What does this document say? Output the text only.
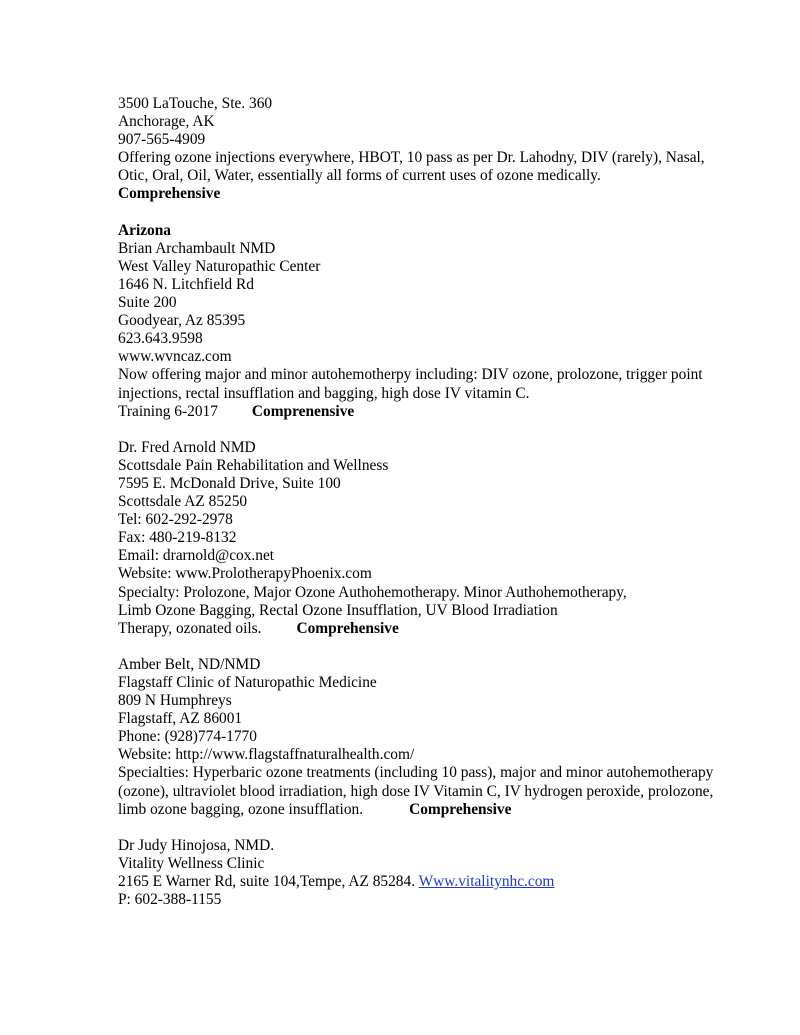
3500 LaTouche, Ste. 360
Anchorage, AK
907-565-4909
Offering ozone injections everywhere, HBOT, 10 pass as per Dr. Lahodny, DIV (rarely), Nasal,
Otic, Oral, Oil, Water, essentially all forms of current uses of ozone medically.
Comprehensive
Arizona
Brian Archambault NMD
West Valley Naturopathic Center
1646 N. Litchfield Rd
Suite 200
Goodyear, Az 85395
623.643.9598
www.wvncaz.com
Now offering major and minor autohemotherpy including: DIV ozone, prolozone, trigger point
injections, rectal insufflation and bagging, high dose IV vitamin C.
Training 6-2017 Comprenensive
Dr. Fred Arnold NMD
Scottsdale Pain Rehabilitation and Wellness
7595 E. McDonald Drive, Suite 100
Scottsdale AZ 85250
Tel: 602-292-2978
Fax: 480-219-8132
Email: drarnold@cox.net
Website: www.ProlotherapyPhoenix.com
Specialty: Prolozone, Major Ozone Authohemotherapy. Minor Authohemotherapy,
Limb Ozone Bagging, Rectal Ozone Insufflation, UV Blood Irradiation
Therapy, ozonated oils. Comprehensive
Amber Belt, ND/NMD
Flagstaff Clinic of Naturopathic Medicine
809 N Humphreys
Flagstaff, AZ 86001
Phone: (928)774-1770
Website: http://www.flagstaffnaturalhealth.com/
Specialties: Hyperbaric ozone treatments (including 10 pass), major and minor autohemotherapy
(ozone), ultraviolet blood irradiation, high dose IV Vitamin C, IV hydrogen peroxide, prolozone,
limb ozone bagging, ozone insufflation.	Comprehensive
Dr Judy Hinojosa, NMD.
Vitality Wellness Clinic
2165 E Warner Rd, suite 104,Tempe, AZ 85284. Www.vitalitynhc.com
P: 602-388-1155
